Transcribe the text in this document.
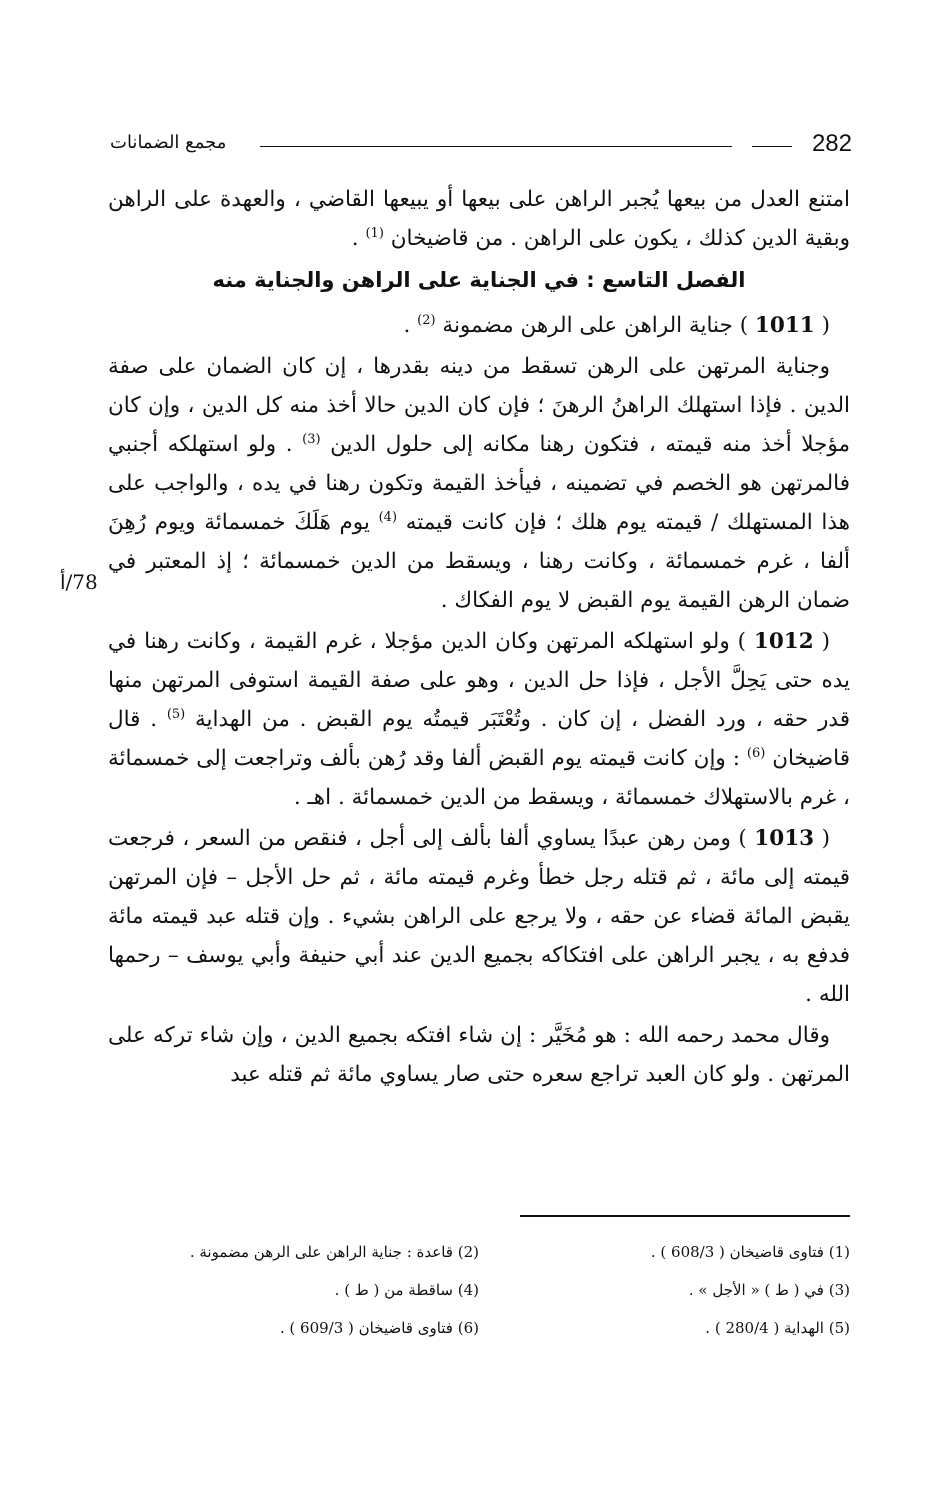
282
مجمع الضمانات
78/أ

امتنع العدل من بيعها يُجبر الراهن على بيعها أو يبيعها القاضي ، والعهدة على الراهن وبقية الدين كذلك ، يكون على الراهن . من قاضيخان $^{(1)}$ .

الفصل التاسع : في الجناية على الراهن والجناية منه

( 1011 ) جناية الراهن على الرهن مضمونة $^{(2)}$ .

وجناية المرتهن على الرهن تسقط من دينه بقدرها ، إن كان الضمان على صفة الدين . فإذا استهلك الراهنُ الرهنَ ؛ فإن كان الدين حالا أخذ منه كل الدين ، وإن كان مؤجلا أخذ منه قيمته ، فتكون رهنا مكانه إلى حلول الدين $^{(3)}$ . ولو استهلكه أجنبي فالمرتهن هو الخصم في تضمينه ، فيأخذ القيمة وتكون رهنا في يده ، والواجب على هذا المستهلك / قيمته يوم هلك ؛ فإن كانت قيمته $^{(4)}$ يوم هَلَكَ خمسمائة ويوم رُهِنَ ألفا ، غرم خمسمائة ، وكانت رهنا ، ويسقط من الدين خمسمائة ؛ إذ المعتبر في ضمان الرهن القيمة يوم القبض لا يوم الفكاك .

( 1012 ) ولو استهلكه المرتهن وكان الدين مؤجلا ، غرم القيمة ، وكانت رهنا في يده حتى يَحِلَّ الأجل ، فإذا حل الدين ، وهو على صفة القيمة استوفى المرتهن منها قدر حقه ، ورد الفضل ، إن كان . وتُعْتَبَر قيمتُه يوم القبض . من الهداية $^{(5)}$ . قال قاضيخان $^{(6)}$ : وإن كانت قيمته يوم القبض ألفا وقد رُهن بألف وتراجعت إلى خمسمائة ، غرم بالاستهلاك خمسمائة ، ويسقط من الدين خمسمائة . اهـ .

( 1013 ) ومن رهن عبدًا يساوي ألفا بألف إلى أجل ، فنقص من السعر ، فرجعت قيمته إلى مائة ، ثم قتله رجل خطأ وغرم قيمته مائة ، ثم حل الأجل – فإن المرتهن يقبض المائة قضاء عن حقه ، ولا يرجع على الراهن بشيء . وإن قتله عبد قيمته مائة فدفع به ، يجبر الراهن على افتكاكه بجميع الدين عند أبي حنيفة وأبي يوسف – رحمها الله .

وقال محمد رحمه الله : هو مُخَيَّر : إن شاء افتكه بجميع الدين ، وإن شاء تركه على المرتهن . ولو كان العبد تراجع سعره حتى صار يساوي مائة ثم قتله عبد

(1) فتاوى قاضيخان ( 608/3 ) .
(2) قاعدة : جناية الراهن على الرهن مضمونة .
(3) في ( ط ) « الأجل » .
(4) ساقطة من ( ط ) .
(5) الهداية ( 280/4 ) .
(6) فتاوى قاضيخان ( 609/3 ) .
